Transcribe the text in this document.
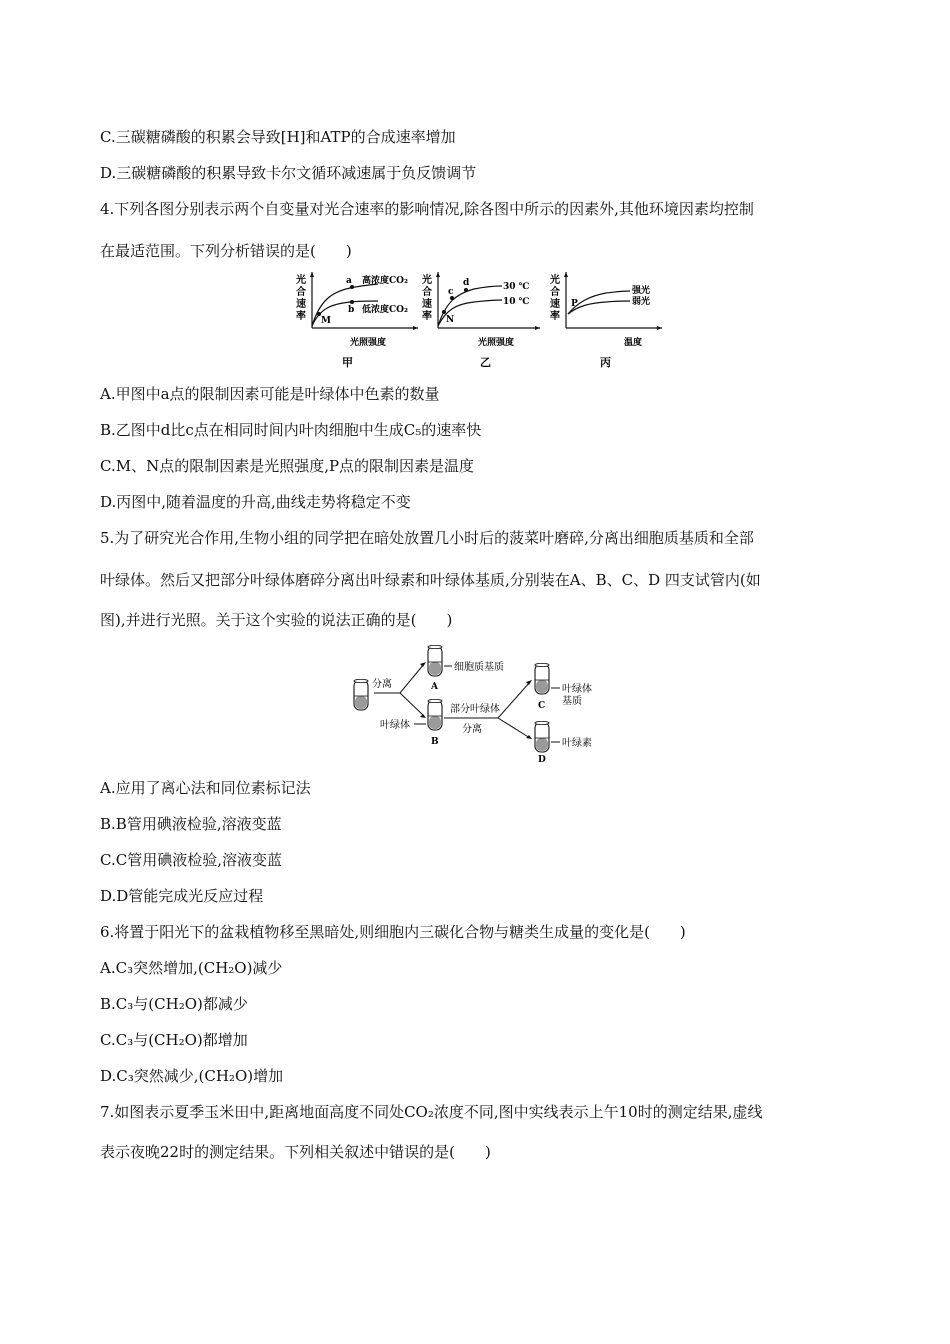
C.三碳糖磷酸的积累会导致[H]和ATP的合成速率增加
D.三碳糖磷酸的积累导致卡尔文循环减速属于负反馈调节
4.下列各图分别表示两个自变量对光合速率的影响情况,除各图中所示的因素外,其他环境因素均控制
在最适范围。下列分析错误的是(　　)
光
合
速
率
a
b
M
高浓度CO₂
低浓度CO₂
光照强度
甲
光
合
速
率
c
d
N
30 ℃
10 ℃
光照强度
乙
光
合
速
率
P
强光
弱光
温度
丙
A.甲图中a点的限制因素可能是叶绿体中色素的数量
B.乙图中d比c点在相同时间内叶肉细胞中生成C₅的速率快
C.M、N点的限制因素是光照强度,P点的限制因素是温度
D.丙图中,随着温度的升高,曲线走势将稳定不变
5.为了研究光合作用,生物小组的同学把在暗处放置几小时后的菠菜叶磨碎,分离出细胞质基质和全部
叶绿体。然后又把部分叶绿体磨碎分离出叶绿素和叶绿体基质,分别装在A、B、C、D 四支试管内(如
图),并进行光照。关于这个实验的说法正确的是(　　)
分离
细胞质基质
A
叶绿体
B
部分叶绿体
分离
叶绿体
基质
C
叶绿素
D
A.应用了离心法和同位素标记法
B.B管用碘液检验,溶液变蓝
C.C管用碘液检验,溶液变蓝
D.D管能完成光反应过程
6.将置于阳光下的盆栽植物移至黑暗处,则细胞内三碳化合物与糖类生成量的变化是(　　)
A.C₃突然增加,(CH₂O)减少
B.C₃与(CH₂O)都减少
C.C₃与(CH₂O)都增加
D.C₃突然减少,(CH₂O)增加
7.如图表示夏季玉米田中,距离地面高度不同处CO₂浓度不同,图中实线表示上午10时的测定结果,虚线
表示夜晚22时的测定结果。下列相关叙述中错误的是(　　)
